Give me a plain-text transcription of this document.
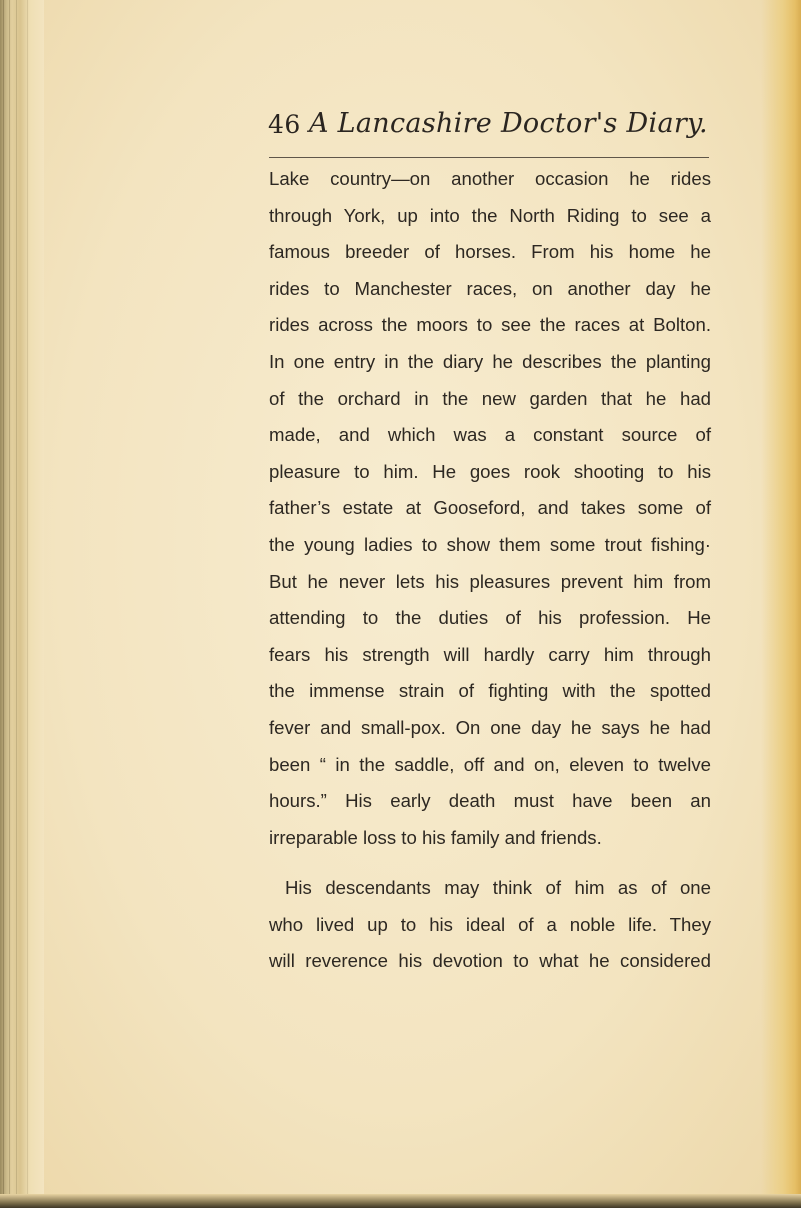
46 A Lancashire Doctor's Diary.
Lake country—on another occasion he rides
through York, up into the North Riding to see a
famous breeder of horses. From his home he
rides to Manchester races, on another day he
rides across the moors to see the races at Bolton.
In one entry in the diary he describes the planting
of the orchard in the new garden that he had
made, and which was a constant source of
pleasure to him. He goes rook shooting to his
father’s estate at Gooseford, and takes some of
the young ladies to show them some trout fishing·
But he never lets his pleasures prevent him from
attending to the duties of his profession. He
fears his strength will hardly carry him through
the immense strain of fighting with the spotted
fever and small-pox. On one day he says he had
been “ in the saddle, off and on, eleven to twelve
hours.” His early death must have been an
irreparable loss to his family and friends.
His descendants may think of him as of one
who lived up to his ideal of a noble life. They
will reverence his devotion to what he considered
